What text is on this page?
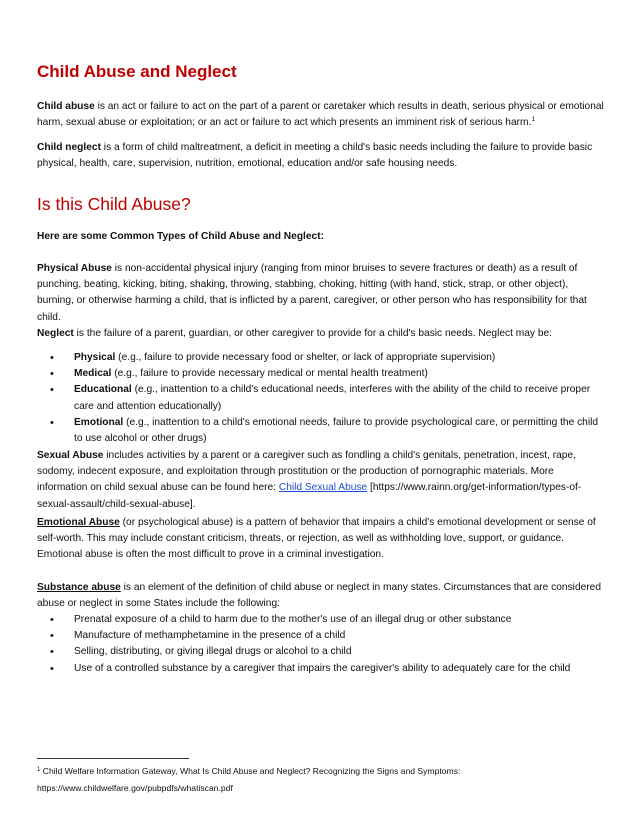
Child Abuse and Neglect

Child abuse is an act or failure to act on the part of a parent or caretaker which results in death, serious physical or emotional harm, sexual abuse or exploitation; or an act or failure to act which presents an imminent risk of serious harm.$^1$

Child neglect is a form of child maltreatment, a deficit in meeting a child's basic needs including the failure to provide basic physical, health, care, supervision, nutrition, emotional, education and/or safe housing needs.

Is this Child Abuse?

Here are some Common Types of Child Abuse and Neglect:

Physical Abuse is non-accidental physical injury (ranging from minor bruises to severe fractures or death) as a result of punching, beating, kicking, biting, shaking, throwing, stabbing, choking, hitting (with hand, stick, strap, or other object), burning, or otherwise harming a child, that is inflicted by a parent, caregiver, or other person who has responsibility for that child.

Neglect is the failure of a parent, guardian, or other caregiver to provide for a child's basic needs. Neglect may be:

• Physical (e.g., failure to provide necessary food or shelter, or lack of appropriate supervision)
• Medical (e.g., failure to provide necessary medical or mental health treatment)
• Educational (e.g., inattention to a child's educational needs, interferes with the ability of the child to receive proper care and attention educationally)
• Emotional (e.g., inattention to a child's emotional needs, failure to provide psychological care, or permitting the child to use alcohol or other drugs)

Sexual Abuse includes activities by a parent or a caregiver such as fondling a child's genitals, penetration, incest, rape, sodomy, indecent exposure, and exploitation through prostitution or the production of pornographic materials. More information on child sexual abuse can be found here: Child Sexual Abuse [https://www.rainn.org/get-information/types-of-sexual-assault/child-sexual-abuse].

Emotional Abuse (or psychological abuse) is a pattern of behavior that impairs a child's emotional development or sense of self-worth. This may include constant criticism, threats, or rejection, as well as withholding love, support, or guidance. Emotional abuse is often the most difficult to prove in a criminal investigation.

Substance abuse is an element of the definition of child abuse or neglect in many states. Circumstances that are considered abuse or neglect in some States include the following:

• Prenatal exposure of a child to harm due to the mother's use of an illegal drug or other substance
• Manufacture of methamphetamine in the presence of a child
• Selling, distributing, or giving illegal drugs or alcohol to a child
• Use of a controlled substance by a caregiver that impairs the caregiver's ability to adequately care for the child
$^1$ Child Welfare Information Gateway, What Is Child Abuse and Neglect? Recognizing the Signs and Symptoms:
https://www.childwelfare.gov/pubpdfs/whatiscan.pdf
